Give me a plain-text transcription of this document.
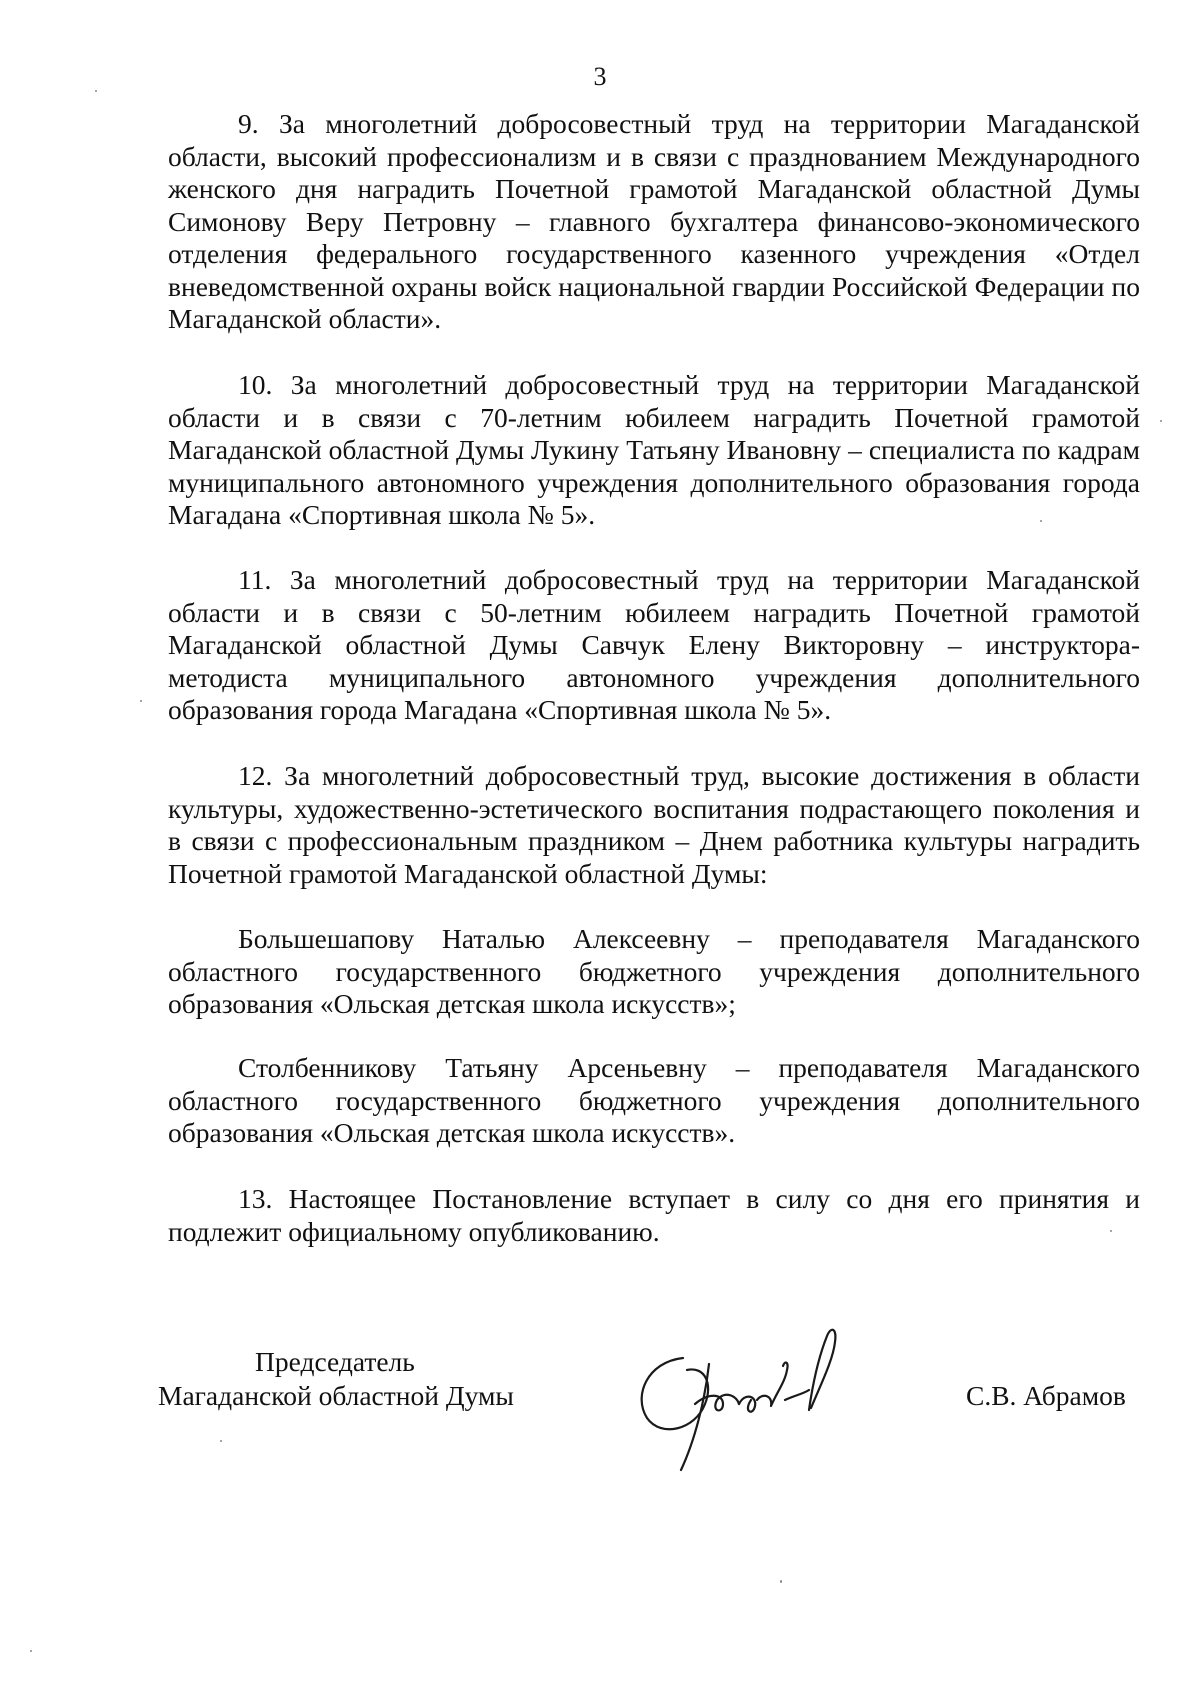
3

9. За многолетний добросовестный труд на территории Магаданской области, высокий профессионализм и в связи с празднованием Международного женского дня наградить Почетной грамотой Магаданской областной Думы Симонову Веру Петровну – главного бухгалтера финансово-экономического отделения федерального государственного казенного учреждения «Отдел вневедомственной охраны войск национальной гвардии Российской Федерации по Магаданской области».

10. За многолетний добросовестный труд на территории Магаданской области и в связи с 70-летним юбилеем наградить Почетной грамотой Магаданской областной Думы Лукину Татьяну Ивановну – специалиста по кадрам муниципального автономного учреждения дополнительного образования города Магадана «Спортивная школа № 5».

11. За многолетний добросовестный труд на территории Магаданской области и в связи с 50-летним юбилеем наградить Почетной грамотой Магаданской областной Думы Савчук Елену Викторовну – инструктора-методиста муниципального автономного учреждения дополнительного образования города Магадана «Спортивная школа № 5».

12. За многолетний добросовестный труд, высокие достижения в области культуры, художественно-эстетического воспитания подрастающего поколения и в связи с профессиональным праздником – Днем работника культуры наградить Почетной грамотой Магаданской областной Думы:

Большешапову Наталью Алексеевну – преподавателя Магаданского областного государственного бюджетного учреждения дополнительного образования «Ольская детская школа искусств»;

Столбенникову Татьяну Арсеньевну – преподавателя Магаданского областного государственного бюджетного учреждения дополнительного образования «Ольская детская школа искусств».

13. Настоящее Постановление вступает в силу со дня его принятия и подлежит официальному опубликованию.

Председатель
Магаданской областной Думы	С.В. Абрамов
